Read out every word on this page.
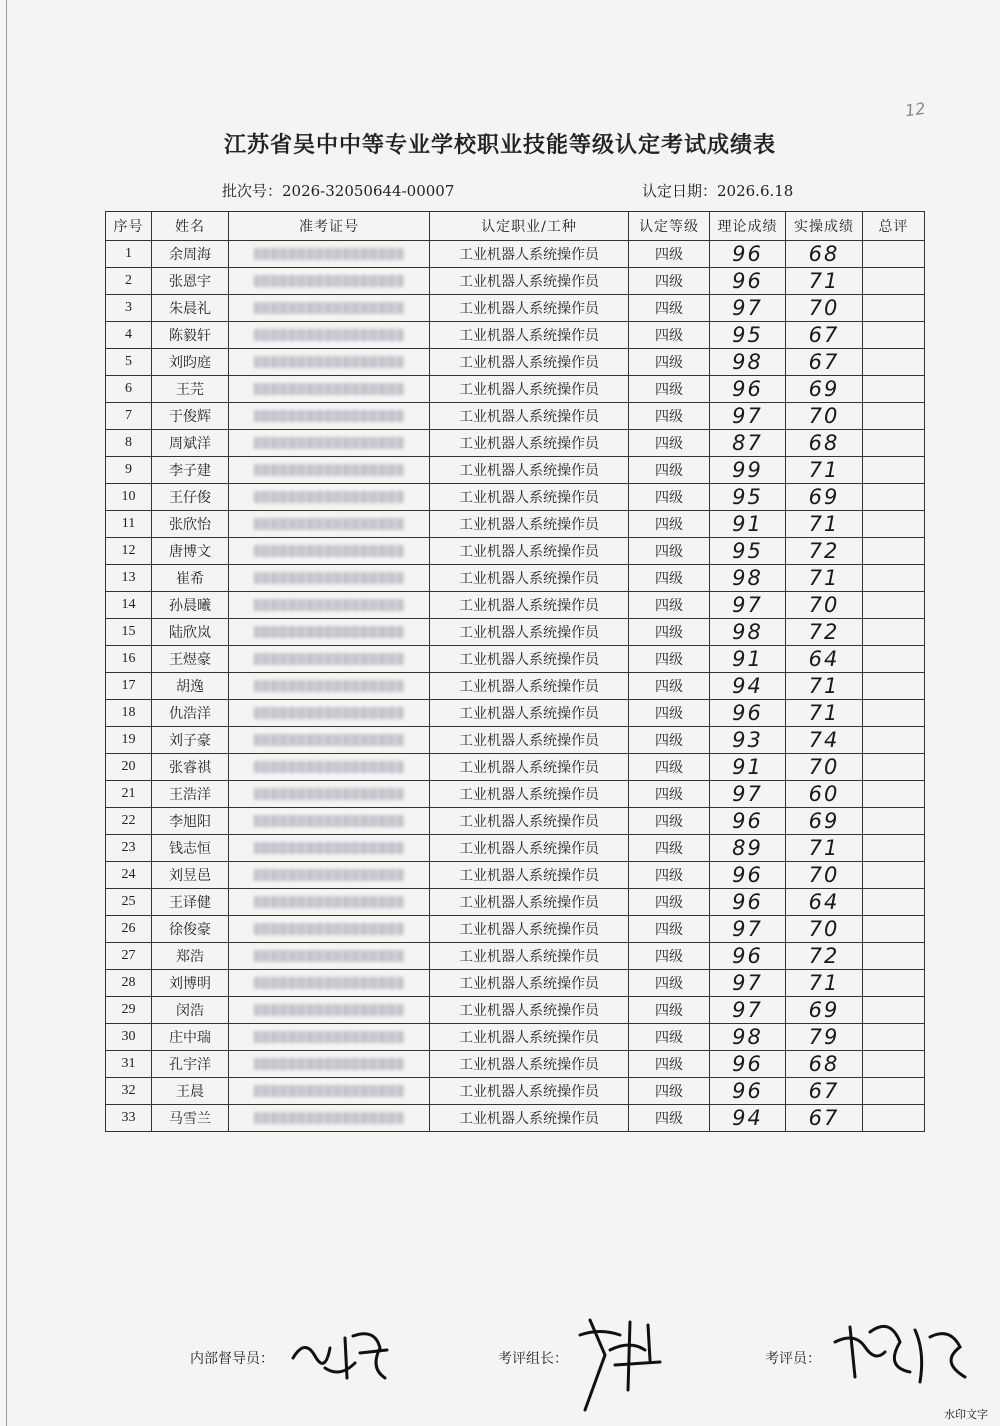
12
江苏省吴中中等专业学校职业技能等级认定考试成绩表
批次号：2026-32050644-00007	认定日期：2026.6.18
序号	姓名	准考证号	认定职业/工种	认定等级	理论成绩	实操成绩	总评
1	余周海		工业机器人系统操作员	四级	96	68	
2	张恩宇		工业机器人系统操作员	四级	96	71	
3	朱晨礼		工业机器人系统操作员	四级	97	70	
4	陈毅轩		工业机器人系统操作员	四级	95	67	
5	刘昀庭		工业机器人系统操作员	四级	98	67	
6	王芫		工业机器人系统操作员	四级	96	69	
7	于俊辉		工业机器人系统操作员	四级	97	70	
8	周斌洋		工业机器人系统操作员	四级	87	68	
9	李子建		工业机器人系统操作员	四级	99	71	
10	王仔俊		工业机器人系统操作员	四级	95	69	
11	张欣怡		工业机器人系统操作员	四级	91	71	
12	唐博文		工业机器人系统操作员	四级	95	72	
13	崔希		工业机器人系统操作员	四级	98	71	
14	孙晨曦		工业机器人系统操作员	四级	97	70	
15	陆欣岚		工业机器人系统操作员	四级	98	72	
16	王煜豪		工业机器人系统操作员	四级	91	64	
17	胡逸		工业机器人系统操作员	四级	94	71	
18	仇浩洋		工业机器人系统操作员	四级	96	71	
19	刘子豪		工业机器人系统操作员	四级	93	74	
20	张睿祺		工业机器人系统操作员	四级	91	70	
21	王浩洋		工业机器人系统操作员	四级	97	60	
22	李旭阳		工业机器人系统操作员	四级	96	69	
23	钱志恒		工业机器人系统操作员	四级	89	71	
24	刘昱邑		工业机器人系统操作员	四级	96	70	
25	王译健		工业机器人系统操作员	四级	96	64	
26	徐俊豪		工业机器人系统操作员	四级	97	70	
27	郑浩		工业机器人系统操作员	四级	96	72	
28	刘博明		工业机器人系统操作员	四级	97	71	
29	闵浩		工业机器人系统操作员	四级	97	69	
30	庄中瑞		工业机器人系统操作员	四级	98	79	
31	孔宇洋		工业机器人系统操作员	四级	96	68	
32	王晨		工业机器人系统操作员	四级	96	67	
33	马雪兰		工业机器人系统操作员	四级	94	67	
内部督导员：	考评组长：	考评员：
水印文字
